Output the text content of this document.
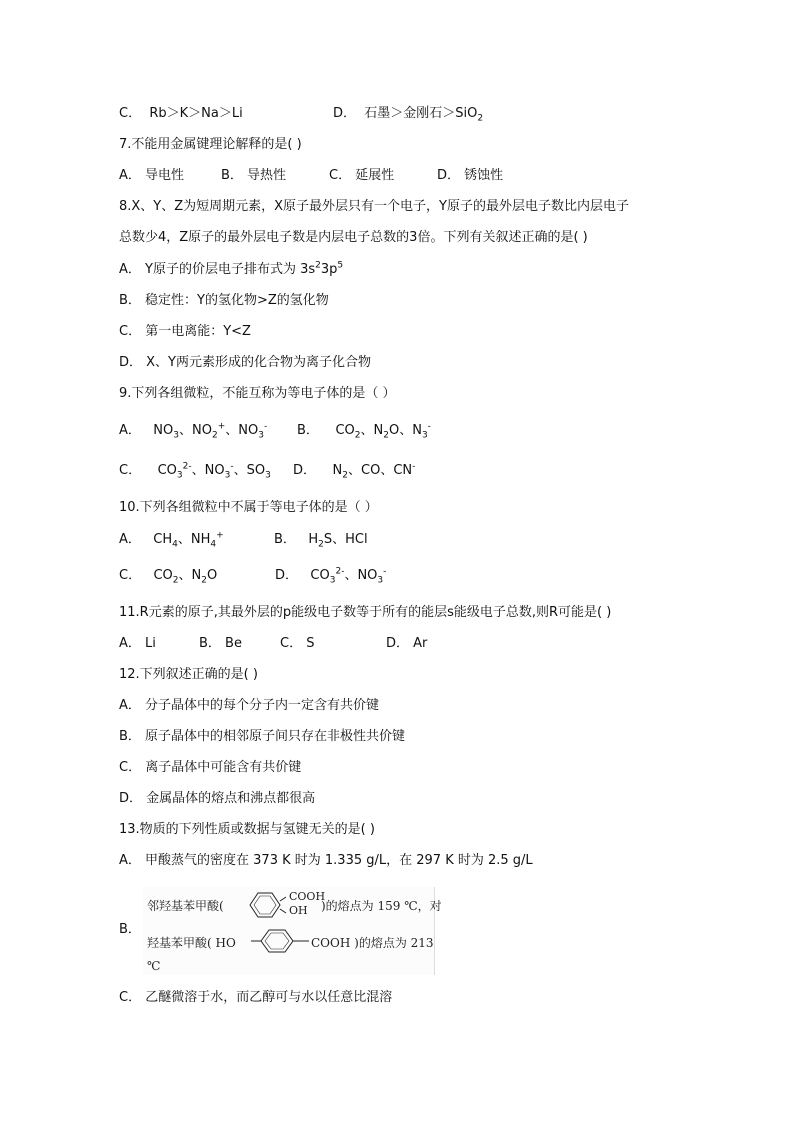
C． Rb＞K＞Na＞Li	D． 石墨＞金刚石＞SiO$_2$
7.不能用金属键理论解释的是( )
A． 导电性	B． 导热性	C． 延展性	D． 锈蚀性
8.X、Y、Z为短周期元素，X原子最外层只有一个电子，Y原子的最外层电子数比内层电子
总数少4，Z原子的最外层电子数是内层电子总数的3倍。下列有关叙述正确的是( )
A． Y原子的价层电子排布式为 $3s^23p^5$
B． 稳定性：Y的氢化物>Z的氢化物
C． 第一电离能：Y<Z
D． X、Y两元素形成的化合物为离子化合物
9.下列各组微粒，不能互称为等电子体的是（ ）
A．   $NO_3$、$NO_2^+$、$NO_3^-$ B．    $CO_2$、$N_2O$、$N_3^-$
C．    $CO_3^{2-}$、$NO_3^-$、$SO_3$ D．    $N_2$、CO、CN-
10.下列各组微粒中不属于等电子体的是（ ）
A．   $CH_4$、$NH_4^+$	B．   $H_2S$、HCl
C．   $CO_2$、$N_2O$	D．   $CO_3^{2-}$、$NO_3^-$
11.R元素的原子,其最外层的p能级电子数等于所有的能层s能级电子总数,则R可能是( )
A． Li	B． Be	C． S	D． Ar
12.下列叙述正确的是( )
A． 分子晶体中的每个分子内一定含有共价键
B． 原子晶体中的相邻原子间只存在非极性共价键
C． 离子晶体中可能含有共价键
D． 金属晶体的熔点和沸点都很高
13.物质的下列性质或数据与氢键无关的是( )
A． 甲酸蒸气的密度在 373 K 时为 1.335 g/L，在 297 K 时为 2.5 g/L
B．
邻羟基苯甲酸(
COOH
OH )的熔点为 159 ℃，对
羟基苯甲酸( HO	COOH )的熔点为 213
℃
C． 乙醚微溶于水，而乙醇可与水以任意比混溶
